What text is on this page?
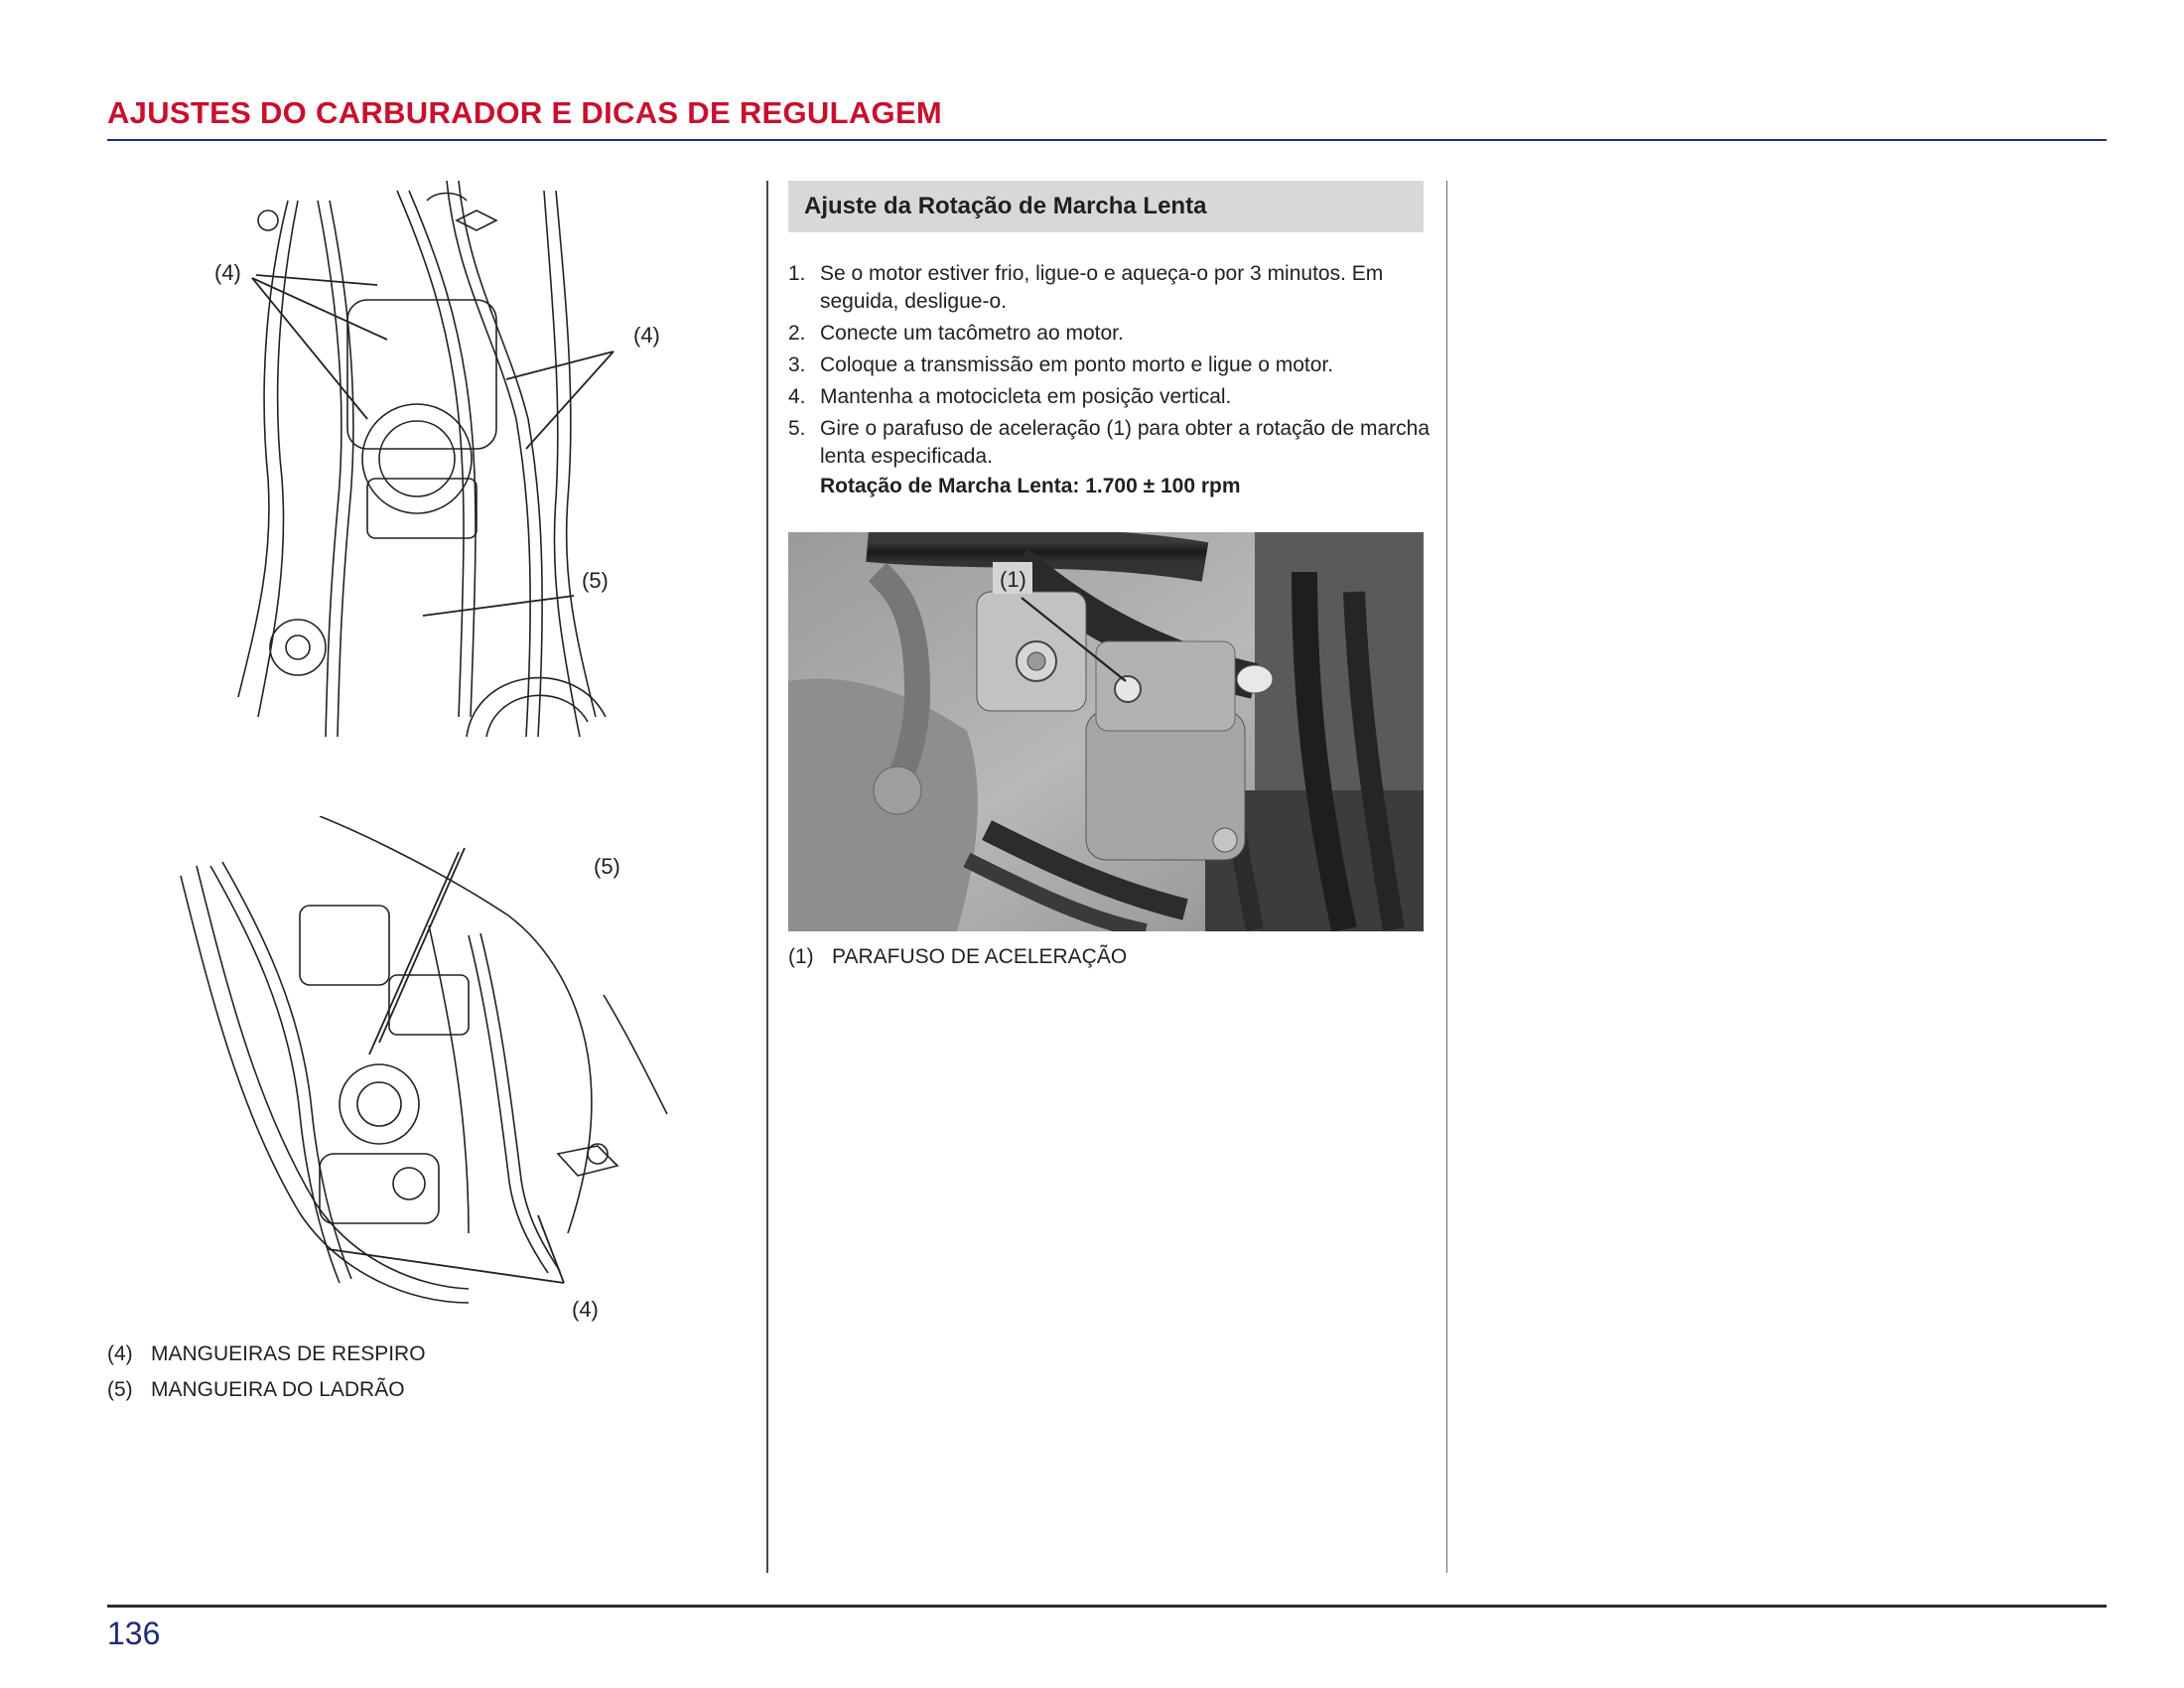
AJUSTES DO CARBURADOR E DICAS DE REGULAGEM
(4)
(4)
(5)
(5)
(4)
(4) MANGUEIRAS DE RESPIRO
(5) MANGUEIRA DO LADRÃO
Ajuste da Rotação de Marcha Lenta
1. Se o motor estiver frio, ligue-o e aqueça-o por 3 minutos. Em seguida, desligue-o.
2. Conecte um tacômetro ao motor.
3. Coloque a transmissão em ponto morto e ligue o motor.
4. Mantenha a motocicleta em posição vertical.
5. Gire o parafuso de aceleração (1) para obter a rotação de marcha lenta especificada.
Rotação de Marcha Lenta: 1.700 ± 100 rpm
(1)
(1) PARAFUSO DE ACELERAÇÃO
136
